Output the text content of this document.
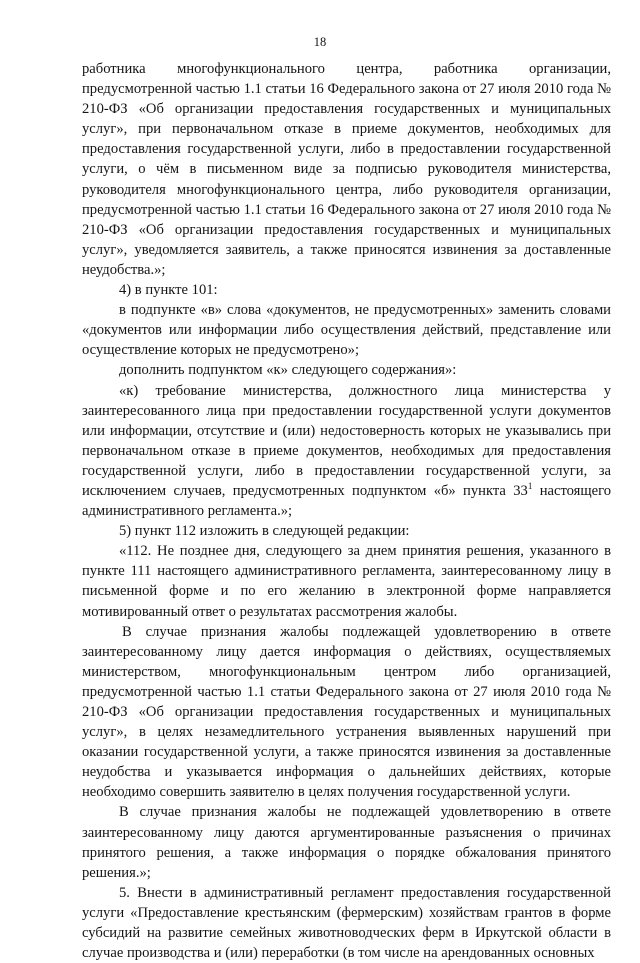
18

работника многофункционального центра, работника организации, предусмотренной частью 1.1 статьи 16 Федерального закона от 27 июля 2010 года № 210-ФЗ «Об организации предоставления государственных и муниципальных услуг», при первоначальном отказе в приеме документов, необходимых для предоставления государственной услуги, либо в предоставлении государственной услуги, о чём в письменном виде за подписью руководителя министерства, руководителя многофункционального центра, либо руководителя организации, предусмотренной частью 1.1 статьи 16 Федерального закона от 27 июля 2010 года № 210-ФЗ «Об организации предоставления государственных и муниципальных услуг», уведомляется заявитель, а также приносятся извинения за доставленные неудобства.»;

4) в пункте 101:

в подпункте «в» слова «документов, не предусмотренных» заменить словами «документов или информации либо осуществления действий, представление или осуществление которых не предусмотрено»;

дополнить подпунктом «к» следующего содержания»:

«к) требование министерства, должностного лица министерства у заинтересованного лица при предоставлении государственной услуги документов или информации, отсутствие и (или) недостоверность которых не указывались при первоначальном отказе в приеме документов, необходимых для предоставления государственной услуги, либо в предоставлении государственной услуги, за исключением случаев, предусмотренных подпунктом «б» пункта $33^1$ настоящего административного регламента.»;

5) пункт 112 изложить в следующей редакции:

«112. Не позднее дня, следующего за днем принятия решения, указанного в пункте 111 настоящего административного регламента, заинтересованному лицу в письменной форме и по его желанию в электронной форме направляется мотивированный ответ о результатах рассмотрения жалобы.

В случае признания жалобы подлежащей удовлетворению в ответе заинтересованному лицу дается информация о действиях, осуществляемых министерством, многофункциональным центром либо организацией, предусмотренной частью 1.1 статьи Федерального закона от 27 июля 2010 года № 210-ФЗ «Об организации предоставления государственных и муниципальных услуг», в целях незамедлительного устранения выявленных нарушений при оказании государственной услуги, а также приносятся извинения за доставленные неудобства и указывается информация о дальнейших действиях, которые необходимо совершить заявителю в целях получения государственной услуги.

В случае признания жалобы не подлежащей удовлетворению в ответе заинтересованному лицу даются аргументированные разъяснения о причинах принятого решения, а также информация о порядке обжалования принятого решения.»;

5. Внести в административный регламент предоставления государственной услуги «Предоставление крестьянским (фермерским) хозяйствам грантов в форме субсидий на развитие семейных животноводческих ферм в Иркутской области в случае производства и (или) переработки (в том числе на арендованных основных
